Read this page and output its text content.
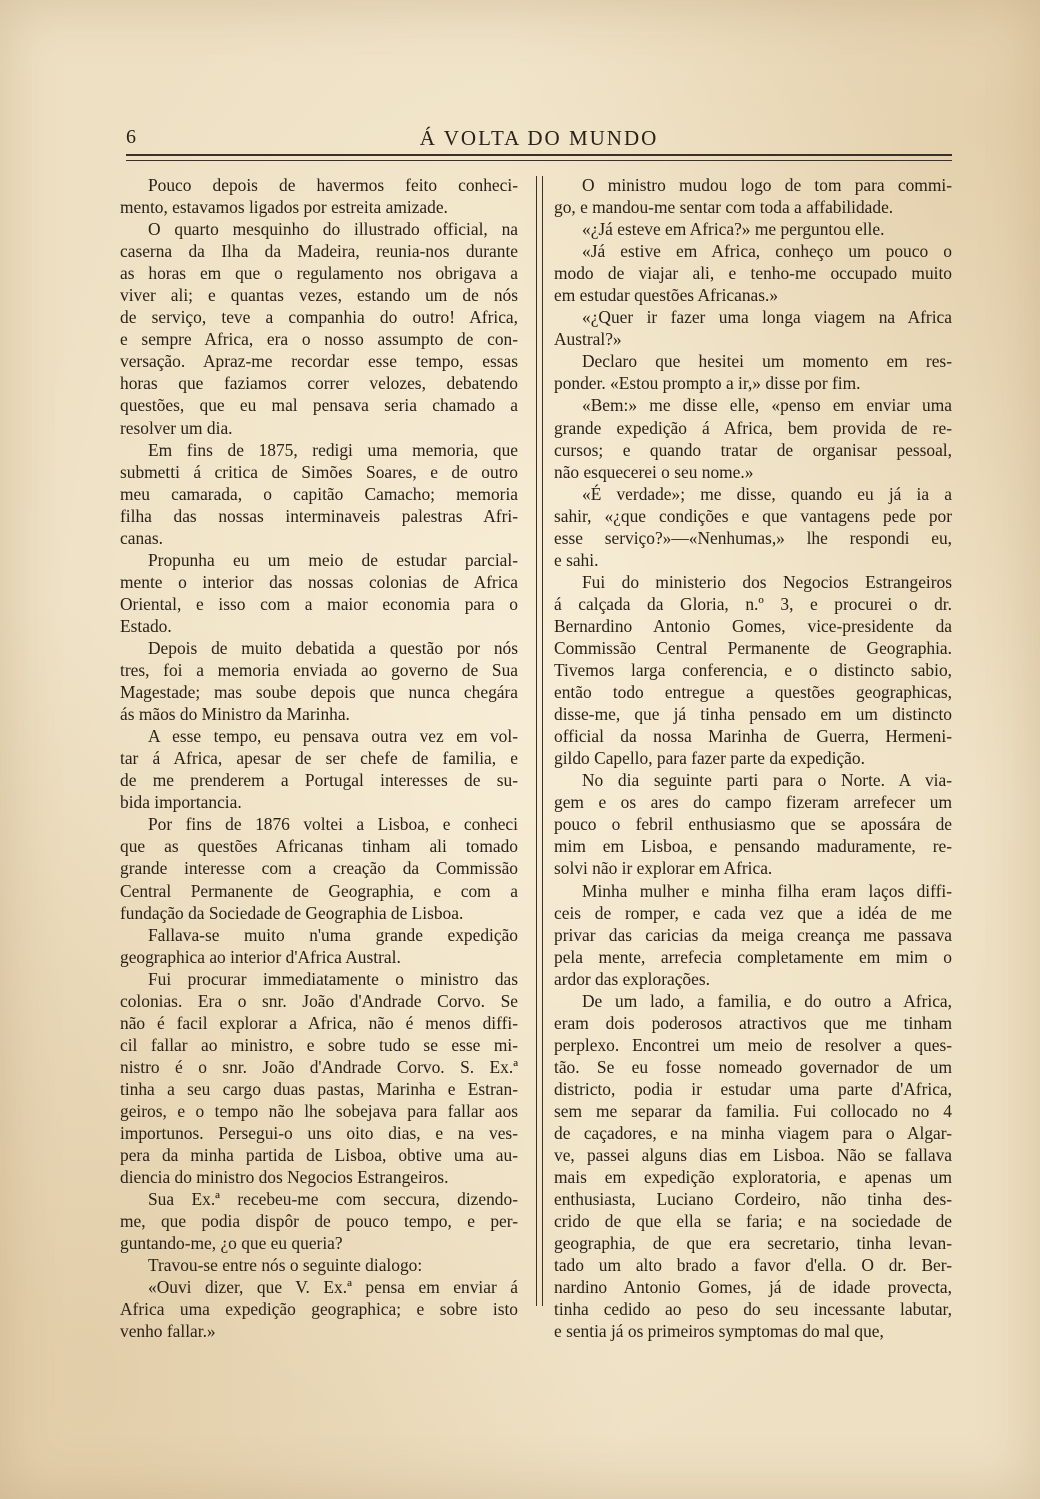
6	Á VOLTA DO MUNDO

Pouco depois de havermos feito conheci-
mento, estavamos ligados por estreita amizade.

O quarto mesquinho do illustrado official, na
caserna da Ilha da Madeira, reunia-nos durante
as horas em que o regulamento nos obrigava a
viver ali; e quantas vezes, estando um de nós
de serviço, teve a companhia do outro! Africa,
e sempre Africa, era o nosso assumpto de con-
versação. Apraz-me recordar esse tempo, essas
horas que faziamos correr velozes, debatendo
questões, que eu mal pensava seria chamado a
resolver um dia.

Em fins de 1875, redigi uma memoria, que
submetti á critica de Simões Soares, e de outro
meu camarada, o capitão Camacho; memoria
filha das nossas interminaveis palestras Afri-
canas.

Propunha eu um meio de estudar parcial-
mente o interior das nossas colonias de Africa
Oriental, e isso com a maior economia para o
Estado.

Depois de muito debatida a questão por nós
tres, foi a memoria enviada ao governo de Sua
Magestade; mas soube depois que nunca chegára
ás mãos do Ministro da Marinha.

A esse tempo, eu pensava outra vez em vol-
tar á Africa, apesar de ser chefe de familia, e
de me prenderem a Portugal interesses de su-
bida importancia.

Por fins de 1876 voltei a Lisboa, e conheci
que as questões Africanas tinham ali tomado
grande interesse com a creação da Commissão
Central Permanente de Geographia, e com a
fundação da Sociedade de Geographia de Lisboa.

Fallava-se muito n'uma grande expedição
geographica ao interior d'Africa Austral.

Fui procurar immediatamente o ministro das
colonias. Era o snr. João d'Andrade Corvo. Se
não é facil explorar a Africa, não é menos diffi-
cil fallar ao ministro, e sobre tudo se esse mi-
nistro é o snr. João d'Andrade Corvo. S. Ex.ª
tinha a seu cargo duas pastas, Marinha e Estran-
geiros, e o tempo não lhe sobejava para fallar aos
importunos. Persegui-o uns oito dias, e na ves-
pera da minha partida de Lisboa, obtive uma au-
diencia do ministro dos Negocios Estrangeiros.

Sua Ex.ª recebeu-me com seccura, dizendo-
me, que podia dispôr de pouco tempo, e per-
guntando-me, ¿o que eu queria?

Travou-se entre nós o seguinte dialogo:

«Ouvi dizer, que V. Ex.ª pensa em enviar á
Africa uma expedição geographica; e sobre isto
venho fallar.»

O ministro mudou logo de tom para commi-
go, e mandou-me sentar com toda a affabilidade.

«¿Já esteve em Africa?» me perguntou elle.

«Já estive em Africa, conheço um pouco o
modo de viajar ali, e tenho-me occupado muito
em estudar questões Africanas.»

«¿Quer ir fazer uma longa viagem na Africa
Austral?»

Declaro que hesitei um momento em res-
ponder. «Estou prompto a ir,» disse por fim.

«Bem:» me disse elle, «penso em enviar uma
grande expedição á Africa, bem provida de re-
cursos; e quando tratar de organisar pessoal,
não esquecerei o seu nome.»

«É verdade»; me disse, quando eu já ia a
sahir, «¿que condições e que vantagens pede por
esse serviço?»—«Nenhumas,» lhe respondi eu,
e sahi.

Fui do ministerio dos Negocios Estrangeiros
á calçada da Gloria, n.º 3, e procurei o dr.
Bernardino Antonio Gomes, vice-presidente da
Commissão Central Permanente de Geographia.
Tivemos larga conferencia, e o distincto sabio,
então todo entregue a questões geographicas,
disse-me, que já tinha pensado em um distincto
official da nossa Marinha de Guerra, Hermeni-
gildo Capello, para fazer parte da expedição.

No dia seguinte parti para o Norte. A via-
gem e os ares do campo fizeram arrefecer um
pouco o febril enthusiasmo que se apossára de
mim em Lisboa, e pensando maduramente, re-
solvi não ir explorar em Africa.

Minha mulher e minha filha eram laços diffi-
ceis de romper, e cada vez que a idéa de me
privar das caricias da meiga creança me passava
pela mente, arrefecia completamente em mim o
ardor das explorações.

De um lado, a familia, e do outro a Africa,
eram dois poderosos atractivos que me tinham
perplexo. Encontrei um meio de resolver a ques-
tão. Se eu fosse nomeado governador de um
districto, podia ir estudar uma parte d'Africa,
sem me separar da familia. Fui collocado no 4
de caçadores, e na minha viagem para o Algar-
ve, passei alguns dias em Lisboa. Não se fallava
mais em expedição exploratoria, e apenas um
enthusiasta, Luciano Cordeiro, não tinha des-
crido de que ella se faria; e na sociedade de
geographia, de que era secretario, tinha levan-
tado um alto brado a favor d'ella. O dr. Ber-
nardino Antonio Gomes, já de idade provecta,
tinha cedido ao peso do seu incessante labutar,
e sentia já os primeiros symptomas do mal que,
